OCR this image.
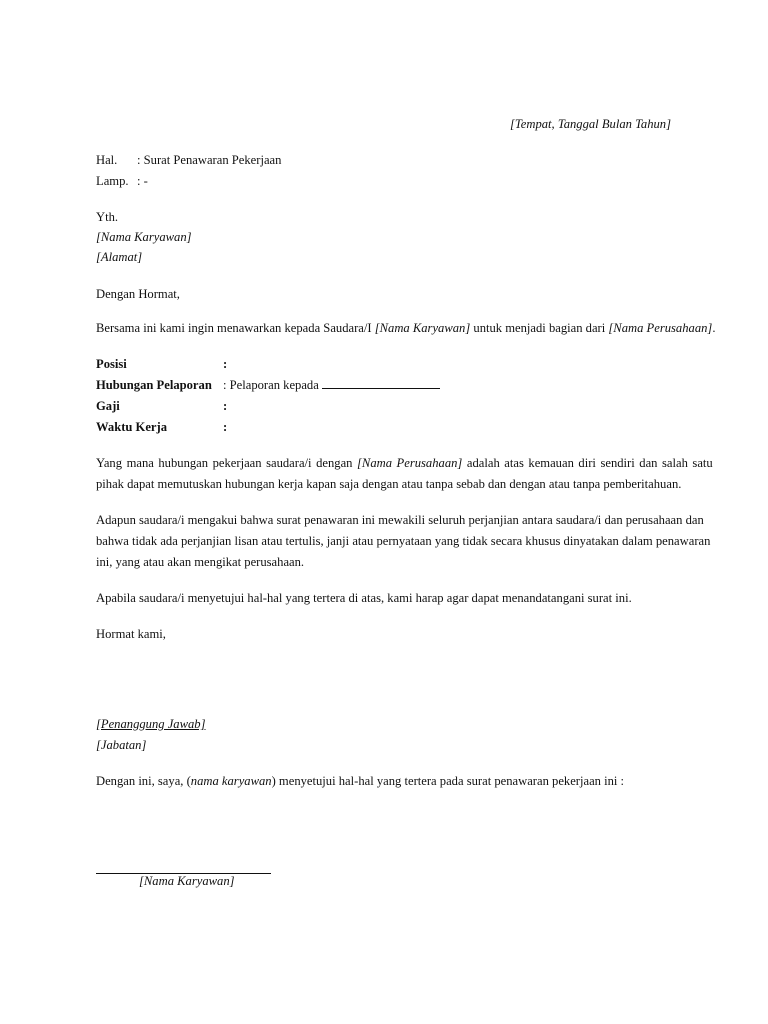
[Tempat, Tanggal Bulan Tahun]
Hal. : Surat Penawaran Pekerjaan
Lamp. : -
Yth.
[Nama Karyawan]
[Alamat]
Dengan Hormat,
Bersama ini kami ingin menawarkan kepada Saudara/I [Nama Karyawan] untuk menjadi bagian dari [Nama Perusahaan].
Posisi	:
Hubungan Pelaporan : Pelaporan kepada
Gaji	:
Waktu Kerja	:
Yang mana hubungan pekerjaan saudara/i dengan [Nama Perusahaan] adalah atas kemauan diri sendiri dan salah satu
pihak dapat memutuskan hubungan kerja kapan saja dengan atau tanpa sebab dan dengan atau tanpa pemberitahuan.
Adapun saudara/i mengakui bahwa surat penawaran ini mewakili seluruh perjanjian antara saudara/i dan perusahaan dan
bahwa tidak ada perjanjian lisan atau tertulis, janji atau pernyataan yang tidak secara khusus dinyatakan dalam penawaran
ini, yang atau akan mengikat perusahaan.
Apabila saudara/i menyetujui hal-hal yang tertera di atas, kami harap agar dapat menandatangani surat ini.
Hormat kami,
[Penanggung Jawab]
[Jabatan]
Dengan ini, saya, (nama karyawan) menyetujui hal-hal yang tertera pada surat penawaran pekerjaan ini :
[Nama Karyawan]
